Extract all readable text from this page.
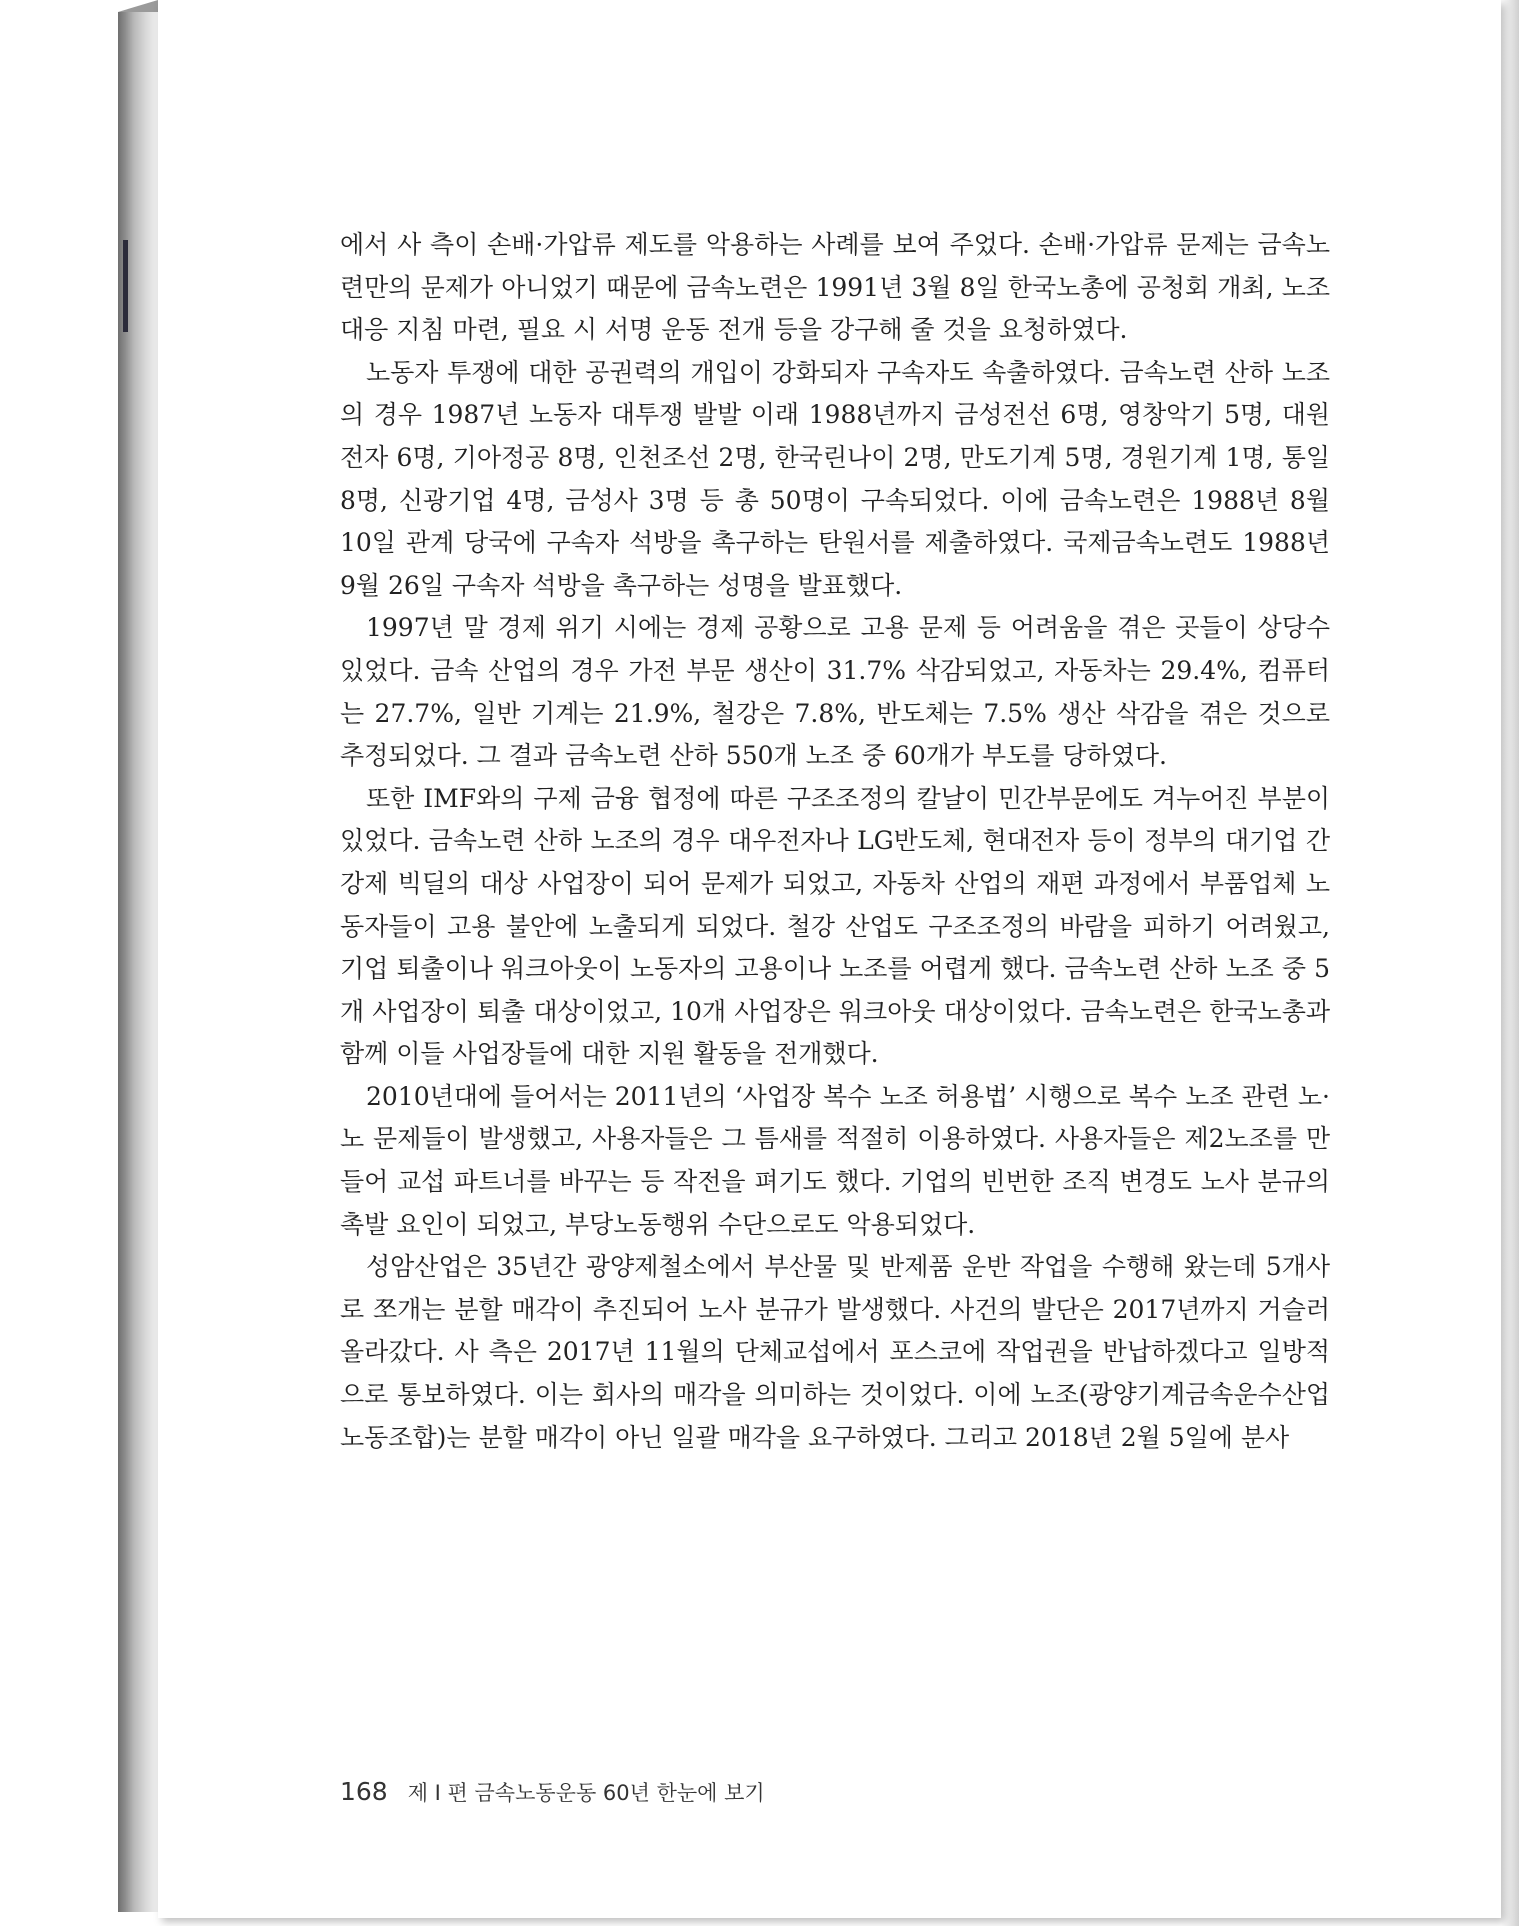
에서 사 측이 손배·가압류 제도를 악용하는 사례를 보여 주었다. 손배·가압류 문제는 금속노련만의 문제가 아니었기 때문에 금속노련은 1991년 3월 8일 한국노총에 공청회 개최, 노조 대응 지침 마련, 필요 시 서명 운동 전개 등을 강구해 줄 것을 요청하였다.

노동자 투쟁에 대한 공권력의 개입이 강화되자 구속자도 속출하였다. 금속노련 산하 노조의 경우 1987년 노동자 대투쟁 발발 이래 1988년까지 금성전선 6명, 영창악기 5명, 대원전자 6명, 기아정공 8명, 인천조선 2명, 한국린나이 2명, 만도기계 5명, 경원기계 1명, 통일 8명, 신광기업 4명, 금성사 3명 등 총 50명이 구속되었다. 이에 금속노련은 1988년 8월 10일 관계 당국에 구속자 석방을 촉구하는 탄원서를 제출하였다. 국제금속노련도 1988년 9월 26일 구속자 석방을 촉구하는 성명을 발표했다.

1997년 말 경제 위기 시에는 경제 공황으로 고용 문제 등 어려움을 겪은 곳들이 상당수 있었다. 금속 산업의 경우 가전 부문 생산이 31.7% 삭감되었고, 자동차는 29.4%, 컴퓨터는 27.7%, 일반 기계는 21.9%, 철강은 7.8%, 반도체는 7.5% 생산 삭감을 겪은 것으로 추정되었다. 그 결과 금속노련 산하 550개 노조 중 60개가 부도를 당하였다.

또한 IMF와의 구제 금융 협정에 따른 구조조정의 칼날이 민간부문에도 겨누어진 부분이 있었다. 금속노련 산하 노조의 경우 대우전자나 LG반도체, 현대전자 등이 정부의 대기업 간 강제 빅딜의 대상 사업장이 되어 문제가 되었고, 자동차 산업의 재편 과정에서 부품업체 노동자들이 고용 불안에 노출되게 되었다. 철강 산업도 구조조정의 바람을 피하기 어려웠고, 기업 퇴출이나 워크아웃이 노동자의 고용이나 노조를 어렵게 했다. 금속노련 산하 노조 중 5개 사업장이 퇴출 대상이었고, 10개 사업장은 워크아웃 대상이었다. 금속노련은 한국노총과 함께 이들 사업장들에 대한 지원 활동을 전개했다.

2010년대에 들어서는 2011년의 ‘사업장 복수 노조 허용법’ 시행으로 복수 노조 관련 노·노 문제들이 발생했고, 사용자들은 그 틈새를 적절히 이용하였다. 사용자들은 제2노조를 만들어 교섭 파트너를 바꾸는 등 작전을 펴기도 했다. 기업의 빈번한 조직 변경도 노사 분규의 촉발 요인이 되었고, 부당노동행위 수단으로도 악용되었다.

성암산업은 35년간 광양제철소에서 부산물 및 반제품 운반 작업을 수행해 왔는데 5개사로 쪼개는 분할 매각이 추진되어 노사 분규가 발생했다. 사건의 발단은 2017년까지 거슬러 올라갔다. 사 측은 2017년 11월의 단체교섭에서 포스코에 작업권을 반납하겠다고 일방적으로 통보하였다. 이는 회사의 매각을 의미하는 것이었다. 이에 노조(광양기계금속운수산업 노동조합)는 분할 매각이 아닌 일괄 매각을 요구하였다. 그리고 2018년 2월 5일에 분사

168 제 I 편 금속노동운동 60년 한눈에 보기
